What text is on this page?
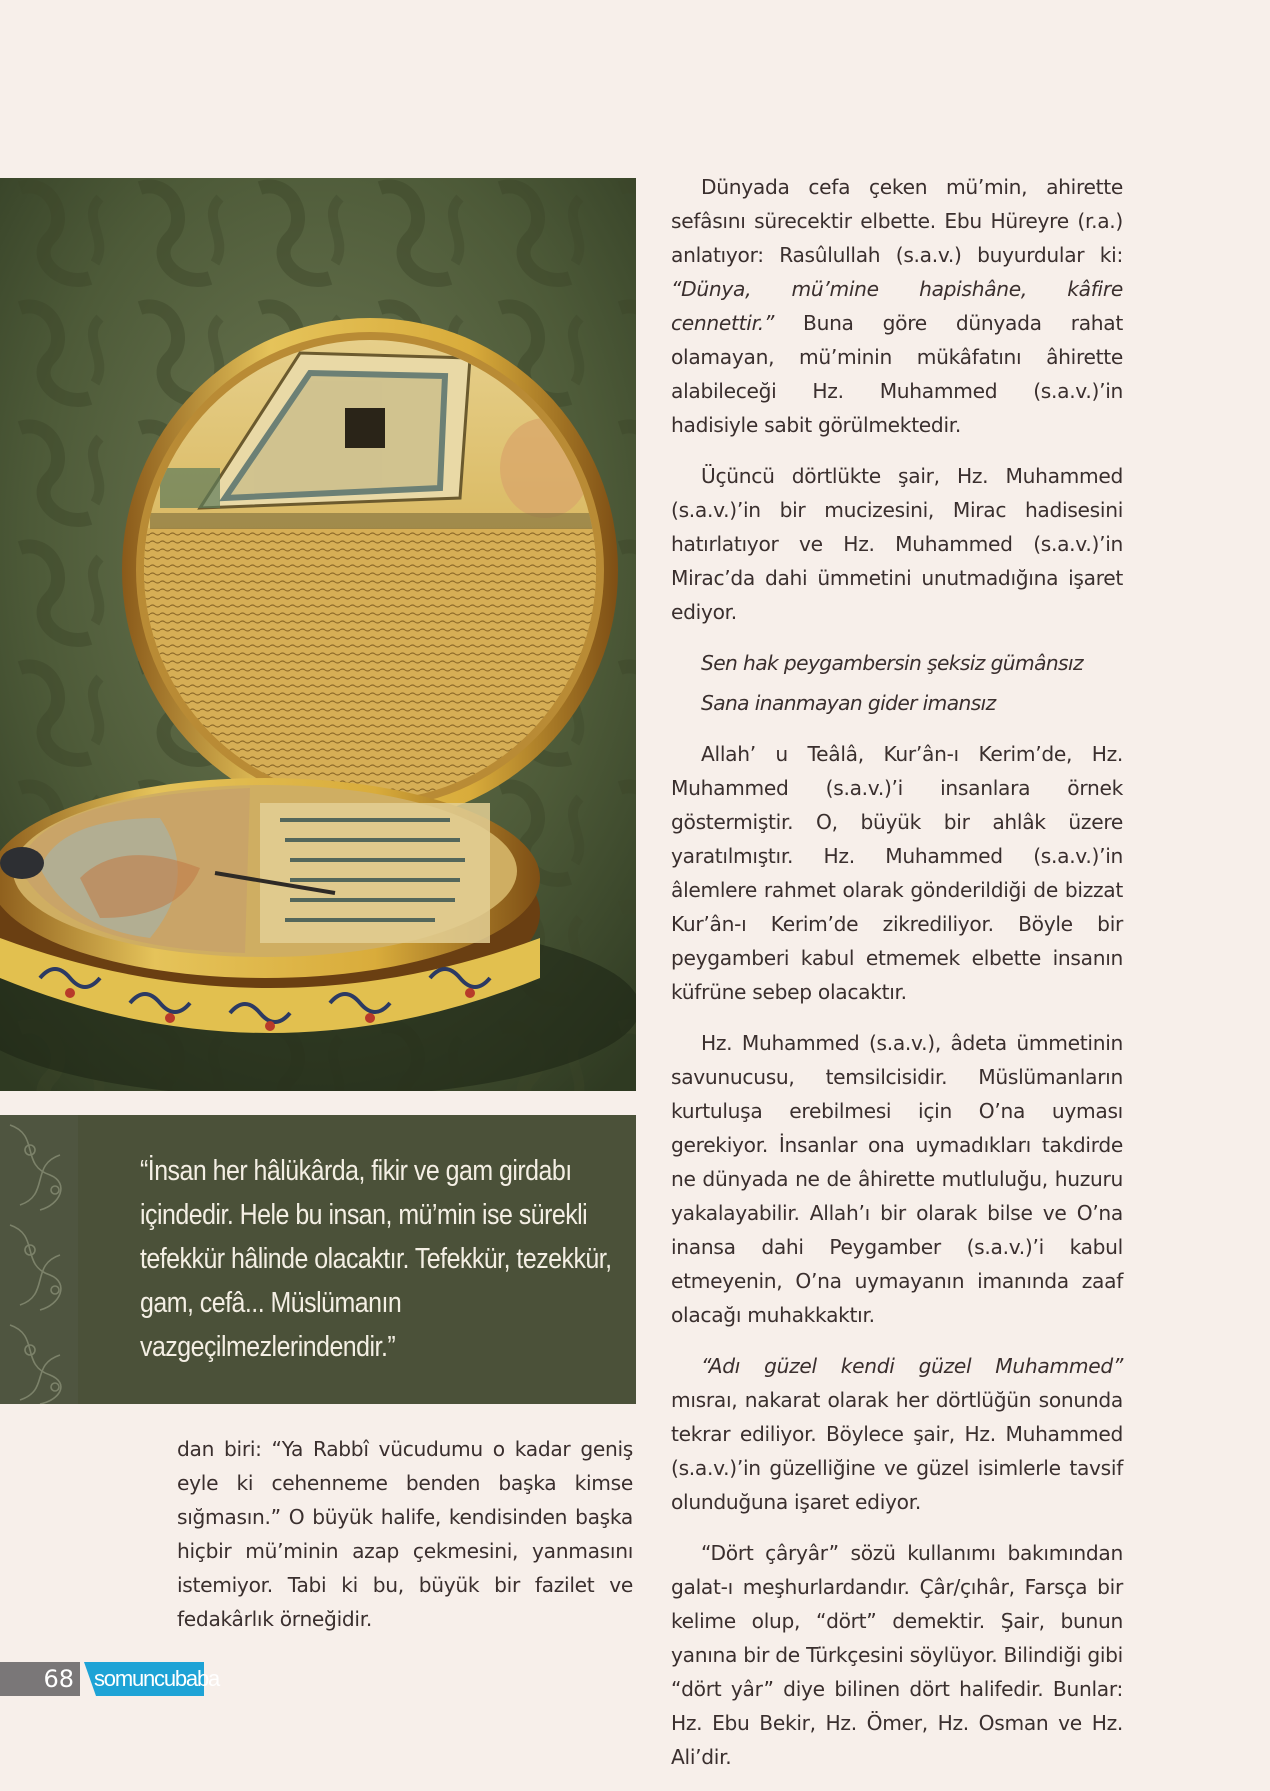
“İnsan her hâlükârda, fikir ve gam girdabı içindedir. Hele bu insan, mü’min ise sürekli tefekkür hâlinde olacaktır. Tefekkür, tezekkür, gam, cefâ... Müslümanın vazgeçilmezlerindendir.”

Dünyada cefa çeken mü’min, ahirette sefâsını sürecektir elbette. Ebu Hüreyre (r.a.) anlatıyor: Rasûlullah (s.a.v.) buyurdular ki: “Dünya, mü’mine hapishâne, kâfire cennettir.” Buna göre dünyada rahat olamayan, mü’minin mükâfatını âhirette alabileceği Hz. Muhammed (s.a.v.)’in hadisiyle sabit görülmektedir.

Üçüncü dörtlükte şair, Hz. Muhammed (s.a.v.)’in bir mucizesini, Mirac hadisesini hatırlatıyor ve Hz. Muhammed (s.a.v.)’in Mirac’da dahi ümmetini unutmadığına işaret ediyor.

Sen hak peygambersin şeksiz gümânsız

Sana inanmayan gider imansız

Allah’ u Teâlâ, Kur’ân-ı Kerim’de, Hz. Muhammed (s.a.v.)’i insanlara örnek göstermiştir. O, büyük bir ahlâk üzere yaratılmıştır. Hz. Muhammed (s.a.v.)’in âlemlere rahmet olarak gönderildiği de bizzat Kur’ân-ı Kerim’de zikrediliyor. Böyle bir peygamberi kabul etmemek elbette insanın küfrüne sebep olacaktır.

Hz. Muhammed (s.a.v.), âdeta ümmetinin savunucusu, temsilcisidir. Müslümanların kurtuluşa erebilmesi için O’na uyması gerekiyor. İnsanlar ona uymadıkları takdirde ne dünyada ne de âhirette mutluluğu, huzuru yakalayabilir. Allah’ı bir olarak bilse ve O’na inansa dahi Peygamber (s.a.v.)’i kabul etmeyenin, O’na uymayanın imanında zaaf olacağı muhakkaktır.

“Adı güzel kendi güzel Muhammed” mısraı, nakarat olarak her dörtlüğün sonunda tekrar ediliyor. Böylece şair, Hz. Muhammed (s.a.v.)’in güzelliğine ve güzel isimlerle tavsif olunduğuna işaret ediyor.

“Dört çâryâr” sözü kullanımı bakımından galat-ı meşhurlardandır. Çâr/çıhâr, Farsça bir kelime olup, “dört” demektir. Şair, bunun yanına bir de Türkçesini söylüyor. Bilindiği gibi “dört yâr” diye bilinen dört halifedir. Bunlar: Hz. Ebu Bekir, Hz. Ömer, Hz. Osman ve Hz. Ali’dir.

dan biri: “Ya Rabbî vücudumu o kadar geniş eyle ki cehenneme benden başka kimse sığmasın.” O büyük halife, kendisinden başka hiçbir mü’minin azap çekmesini, yanmasını istemiyor. Tabi ki bu, büyük bir fazilet ve fedakârlık örneğidir.

68 somuncubaba
